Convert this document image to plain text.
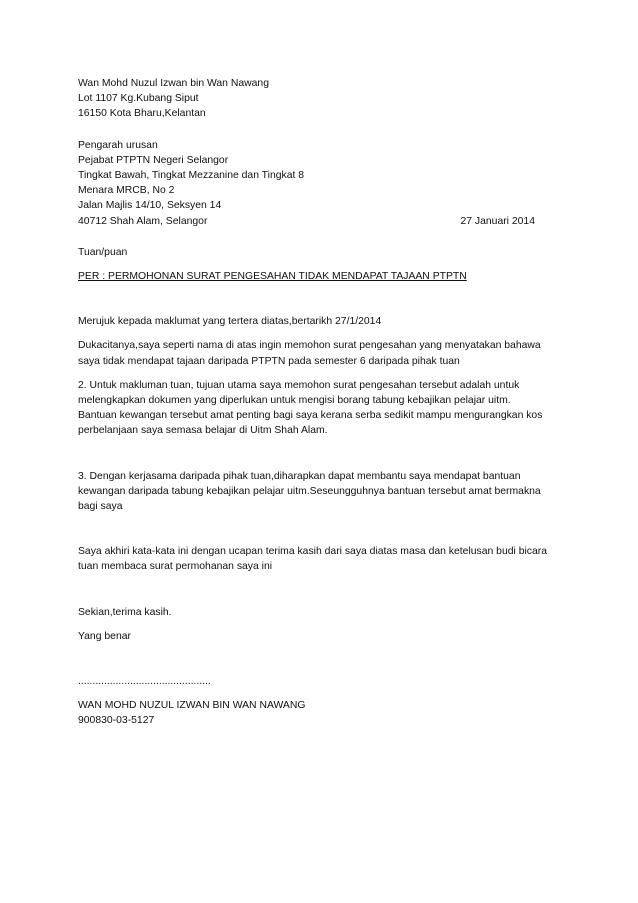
Wan Mohd Nuzul Izwan bin Wan Nawang
Lot 1107 Kg.Kubang Siput
16150 Kota Bharu,Kelantan
Pengarah urusan
Pejabat PTPTN Negeri Selangor
Tingkat Bawah, Tingkat Mezzanine dan Tingkat 8
Menara MRCB, No 2
Jalan Majlis 14/10, Seksyen 14
40712 Shah Alam, Selangor	27 Januari 2014
Tuan/puan
PER : PERMOHONAN SURAT PENGESAHAN TIDAK MENDAPAT TAJAAN PTPTN
Merujuk kepada maklumat yang tertera diatas,bertarikh 27/1/2014
Dukacitanya,saya seperti nama di atas ingin memohon surat pengesahan yang menyatakan bahawa
saya tidak mendapat tajaan daripada PTPTN pada semester 6 daripada pihak tuan
2. Untuk makluman tuan, tujuan utama saya memohon surat pengesahan tersebut adalah untuk
melengkapkan dokumen yang diperlukan untuk mengisi borang tabung kebajikan pelajar uitm.
Bantuan kewangan tersebut amat penting bagi saya kerana serba sedikit mampu mengurangkan kos
perbelanjaan saya semasa belajar di Uitm Shah Alam.
3. Dengan kerjasama daripada pihak tuan,diharapkan dapat membantu saya mendapat bantuan
kewangan daripada tabung kebajikan pelajar uitm.Seseungguhnya bantuan tersebut amat bermakna
bagi saya
Saya akhiri kata-kata ini dengan ucapan terima kasih dari saya diatas masa dan ketelusan budi bicara
tuan membaca surat permohanan saya ini
Sekian,terima kasih.
Yang benar
..............................................
WAN MOHD NUZUL IZWAN BIN WAN NAWANG
900830-03-5127
